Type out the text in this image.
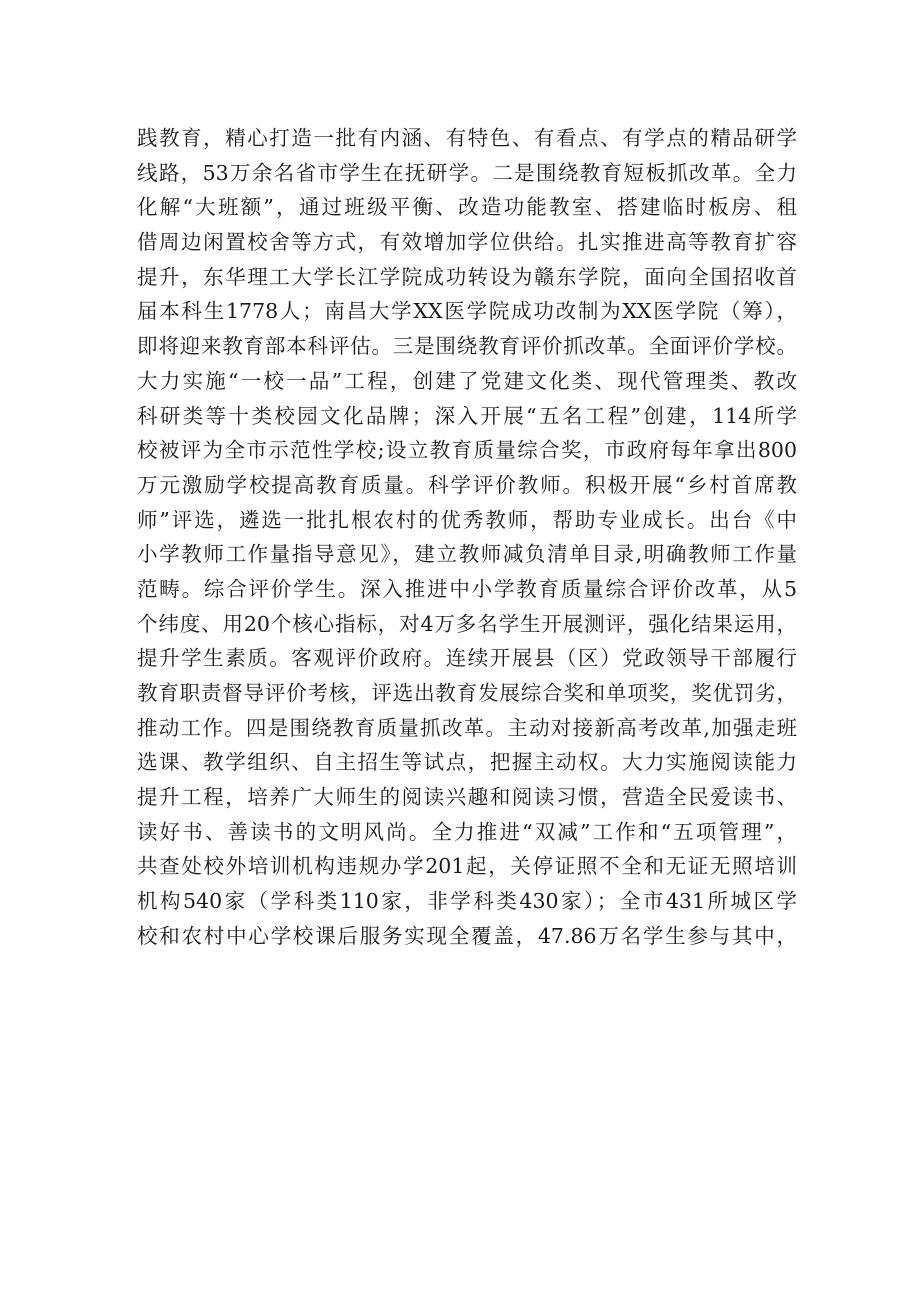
践教育，精心打造一批有内涵、有特色、有看点、有学点的精品研学
线路，53万余名省市学生在抚研学。二是围绕教育短板抓改革。全力
化解“大班额”，通过班级平衡、改造功能教室、搭建临时板房、租
借周边闲置校舍等方式，有效增加学位供给。扎实推进高等教育扩容
提升，东华理工大学长江学院成功转设为赣东学院，面向全国招收首
届本科生1778人；南昌大学XX医学院成功改制为XX医学院（筹），
即将迎来教育部本科评估。三是围绕教育评价抓改革。全面评价学校。
大力实施“一校一品”工程，创建了党建文化类、现代管理类、教改
科研类等十类校园文化品牌；深入开展“五名工程”创建，114所学
校被评为全市示范性学校;设立教育质量综合奖，市政府每年拿出800
万元激励学校提高教育质量。科学评价教师。积极开展“乡村首席教
师”评选，遴选一批扎根农村的优秀教师，帮助专业成长。出台《中
小学教师工作量指导意见》，建立教师减负清单目录,明确教师工作量
范畴。综合评价学生。深入推进中小学教育质量综合评价改革，从5
个纬度、用20个核心指标，对4万多名学生开展测评，强化结果运用，
提升学生素质。客观评价政府。连续开展县（区）党政领导干部履行
教育职责督导评价考核，评选出教育发展综合奖和单项奖，奖优罚劣，
推动工作。四是围绕教育质量抓改革。主动对接新高考改革,加强走班
选课、教学组织、自主招生等试点，把握主动权。大力实施阅读能力
提升工程，培养广大师生的阅读兴趣和阅读习惯，营造全民爱读书、
读好书、善读书的文明风尚。全力推进“双减”工作和“五项管理”，
共查处校外培训机构违规办学201起，关停证照不全和无证无照培训
机构540家（学科类110家，非学科类430家）；全市431所城区学
校和农村中心学校课后服务实现全覆盖，47.86万名学生参与其中，
